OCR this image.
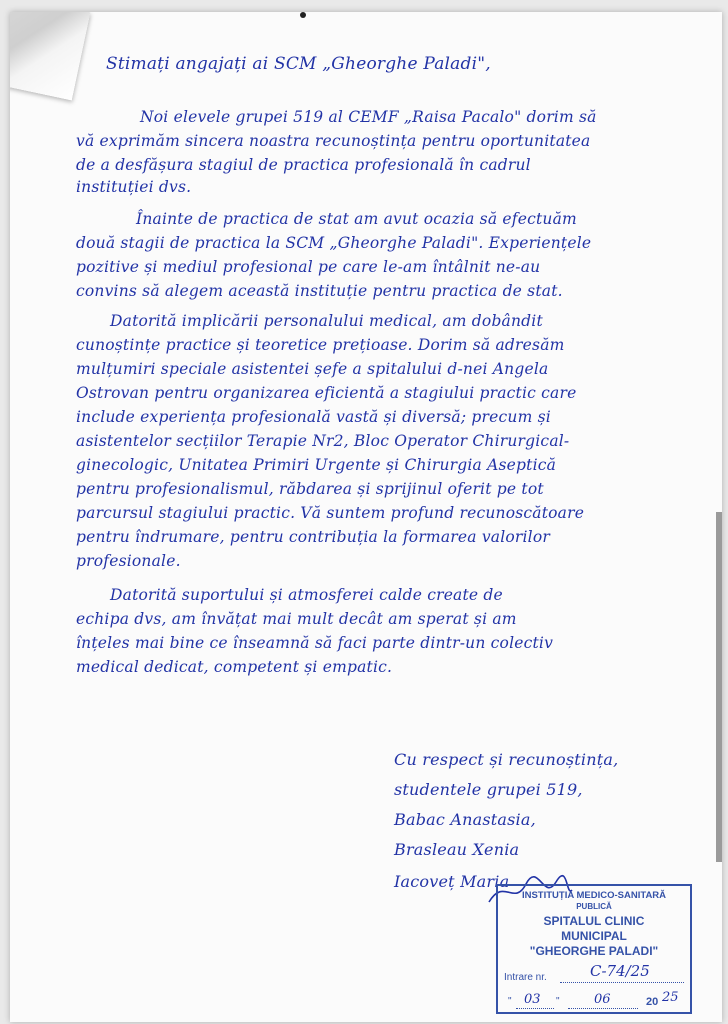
Stimați angajați ai SCM „Gheorghe Paladi",
Noi elevele grupei 519 al CEMF „Raisa Pacalo" dorim să
vă exprimăm sincera noastra recunoștința pentru oportunitatea
de a desfășura stagiul de practica profesională în cadrul
instituției dvs.
Înainte de practica de stat am avut ocazia să efectuăm
două stagii de practica la SCM „Gheorghe Paladi". Experiențele
pozitive și mediul profesional pe care le-am întâlnit ne-au
convins să alegem această instituție pentru practica de stat.
Datorită implicării personalului medical, am dobândit
cunoștințe practice și teoretice prețioase. Dorim să adresăm
mulțumiri speciale asistentei șefe a spitalului d-nei Angela
Ostrovan pentru organizarea eficientă a stagiului practic care
include experiența profesională vastă și diversă; precum și
asistentelor secțiilor Terapie Nr2, Bloc Operator Chirurgical-
ginecologic, Unitatea Primiri Urgente și Chirurgia Aseptică
pentru profesionalismul, răbdarea și sprijinul oferit pe tot
parcursul stagiului practic. Vă suntem profund recunoscătoare
pentru îndrumare, pentru contribuția la formarea valorilor
profesionale.
Datorită suportului și atmosferei calde create de
echipa dvs, am învățat mai mult decât am sperat și am
înțeles mai bine ce înseamnă să faci parte dintr-un colectiv
medical dedicat, competent și empatic.
Cu respect și recunoștința,
studentele grupei 519,
Babac Anastasia,
Brasleau Xenia
Iacoveț Maria
INSTITUȚIA MEDICO-SANITARĂ
PUBLICĂ
SPITALUL CLINIC
MUNICIPAL
"GHEORGHE PALADI"
Intrare nr.	C-74/25
" 03 "	06	20 25
